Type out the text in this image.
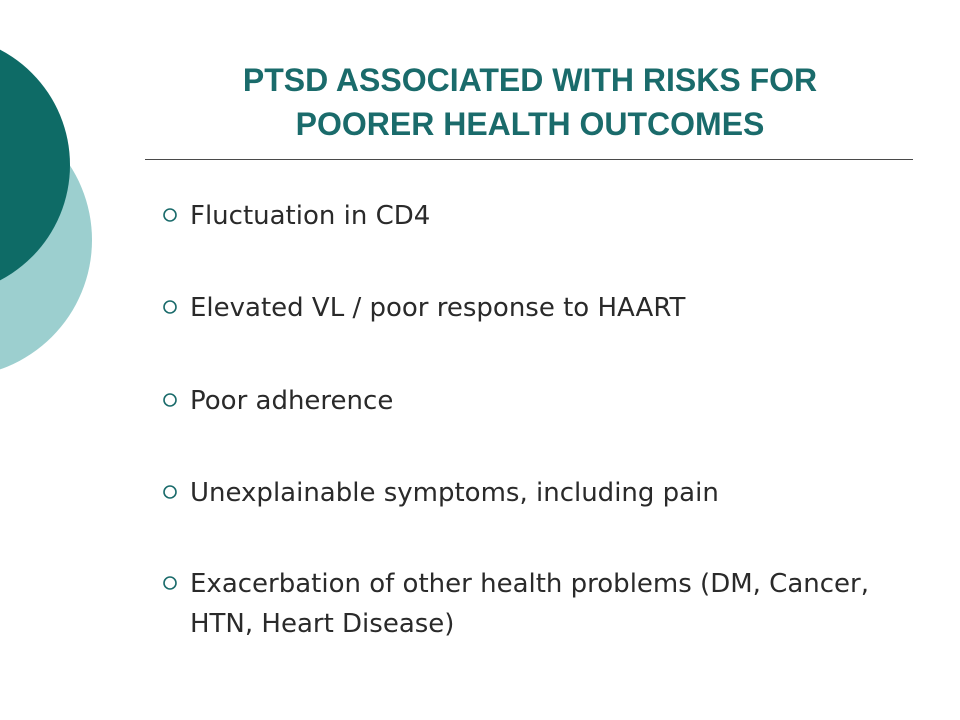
PTSD ASSOCIATED WITH RISKS FOR
POORER HEALTH OUTCOMES
Fluctuation in CD4
Elevated VL / poor response to HAART
Poor adherence
Unexplainable symptoms, including pain
Exacerbation of other health problems (DM, Cancer, HTN, Heart Disease)
